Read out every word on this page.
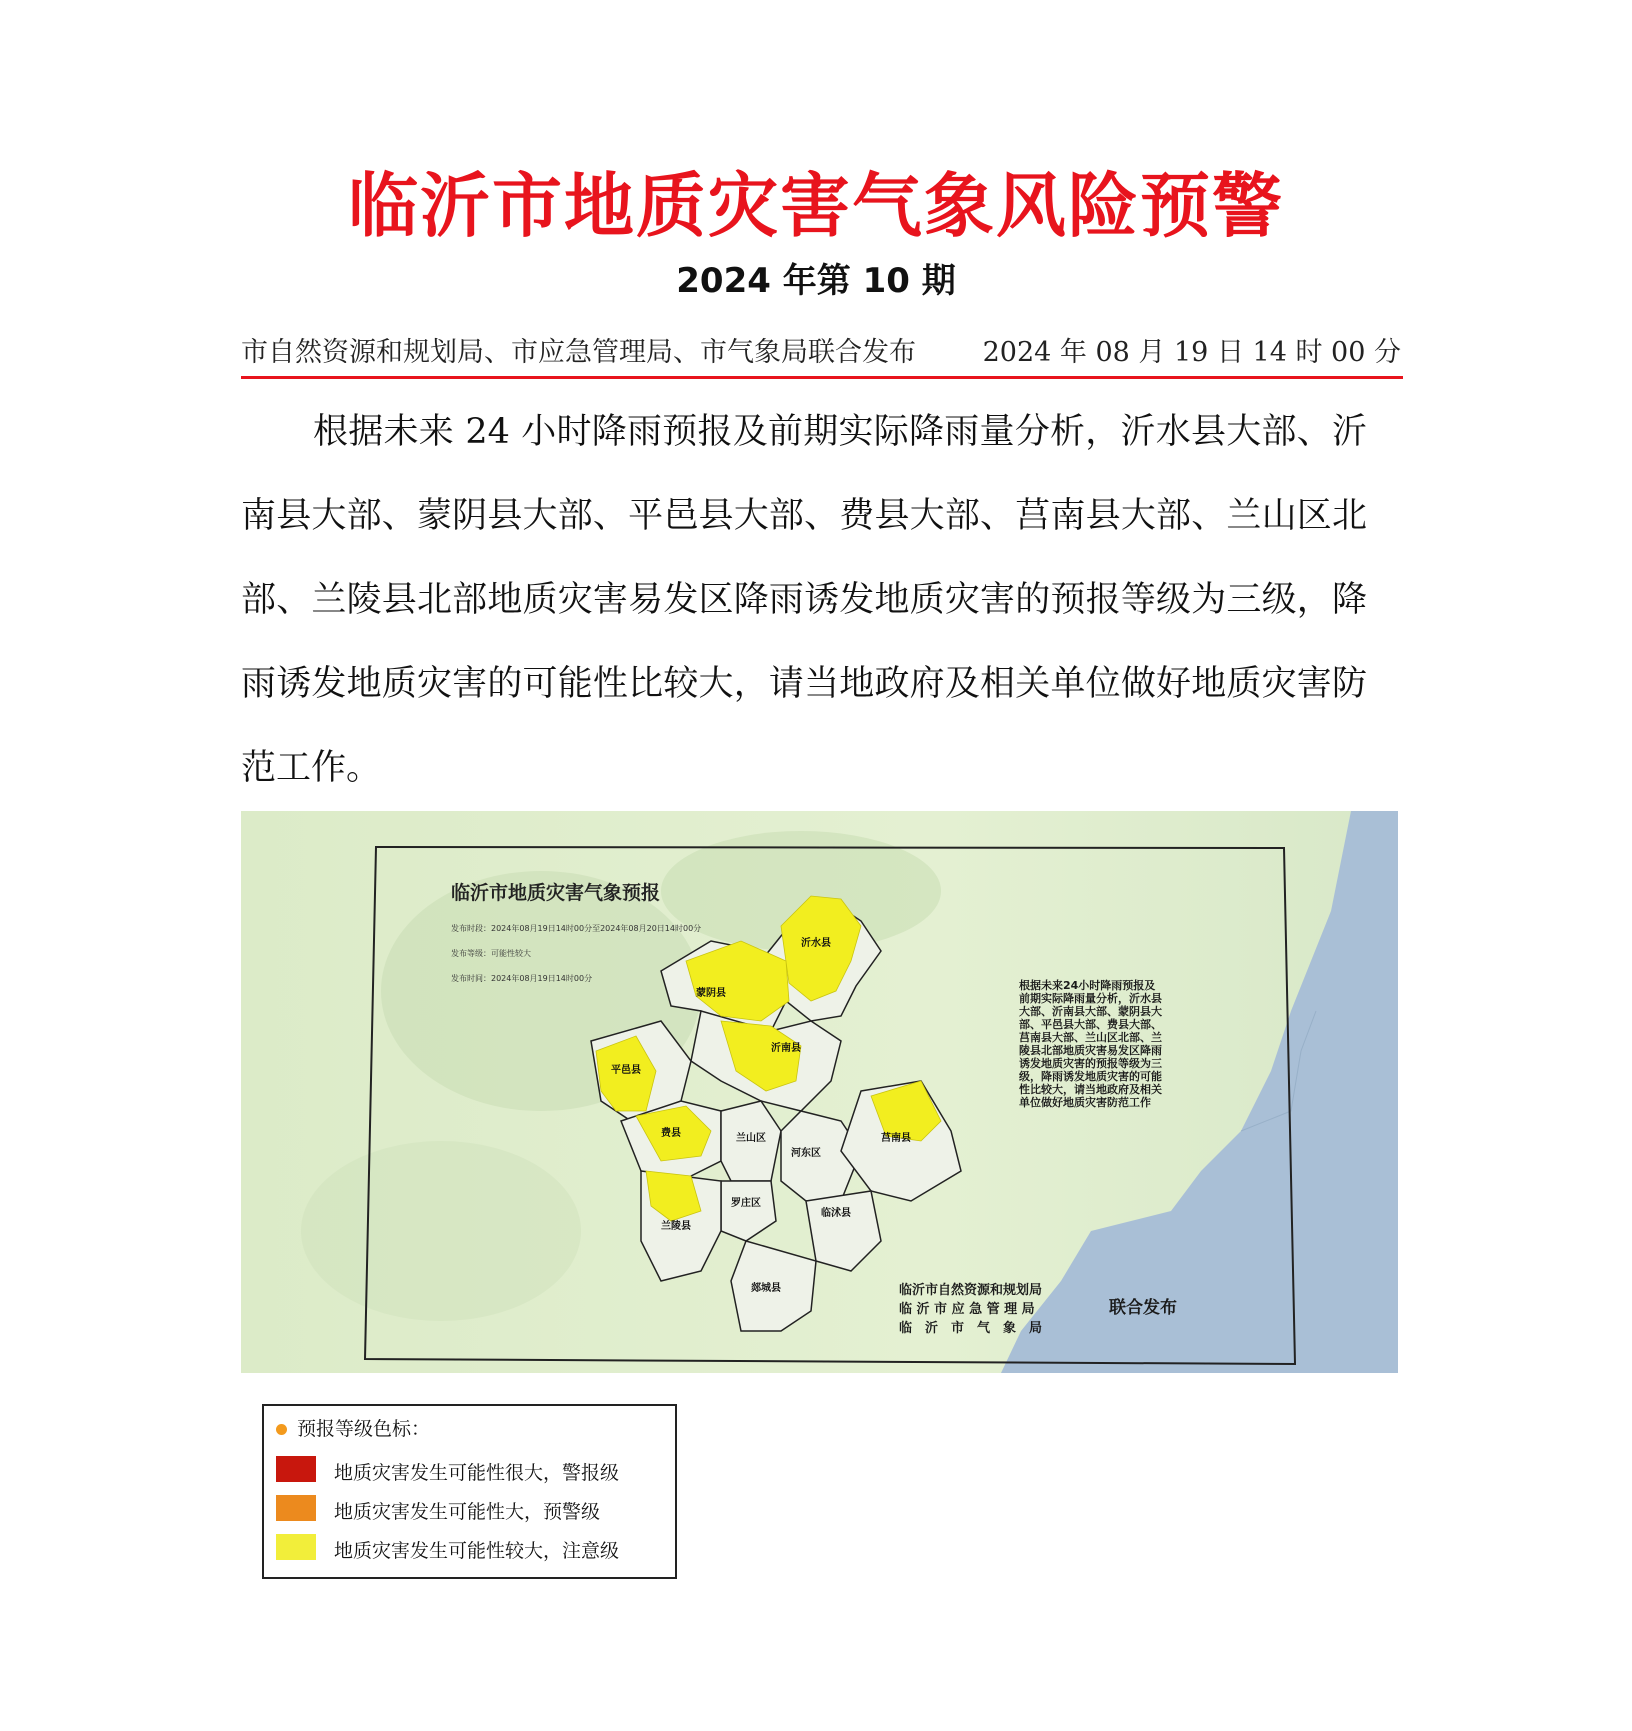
临沂市地质灾害气象风险预警
2024 年第 10 期
市自然资源和规划局、市应急管理局、市气象局联合发布 2024 年 08 月 19 日 14 时 00 分

根据未来 24 小时降雨预报及前期实际降雨量分析，沂水县大部、沂南县大部、蒙阴县大部、平邑县大部、费县大部、莒南县大部、兰山区北部、兰陵县北部地质灾害易发区降雨诱发地质灾害的预报等级为三级，降雨诱发地质灾害的可能性比较大，请当地政府及相关单位做好地质灾害防范工作。

沂水县
蒙阴县
沂南县
平邑县
费县	兰山区
河东区
莒南县
罗庄区
临沭县
兰陵县
郯城县
临沂市地质灾害气象预报
发布时段：2024年08月19日14时00分至2024年08月20日14时00分
发布等级：可能性较大
发布时间：2024年08月19日14时00分
根据未来24小时降雨预报及
前期实际降雨量分析，沂水县
大部、沂南县大部、蒙阴县大
部、平邑县大部、费县大部、
莒南县大部、兰山区北部、兰
陵县北部地质灾害易发区降雨
诱发地质灾害的预报等级为三
级，降雨诱发地质灾害的可能
性比较大，请当地政府及相关
单位做好地质灾害防范工作
临沂市自然资源和规划局
临 沂 市 应 急 管 理 局
临　沂　市　气　象　局
联合发布
预报等级色标：
地质灾害发生可能性很大，警报级
地质灾害发生可能性大，预警级
地质灾害发生可能性较大，注意级
